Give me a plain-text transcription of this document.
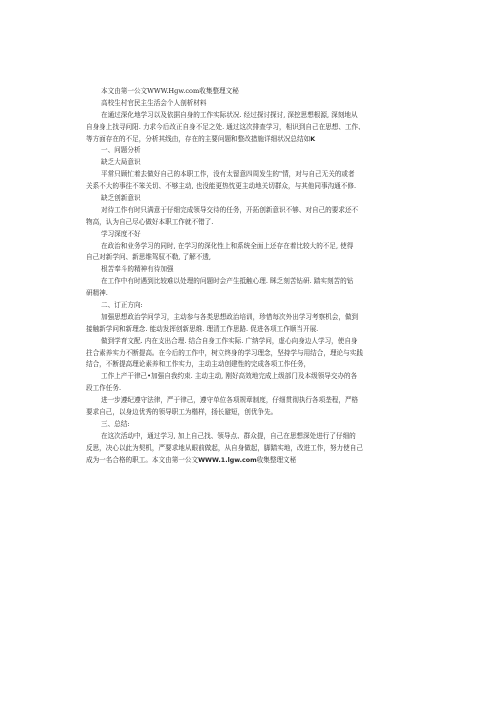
本文由第一公文WWW.Hgw.com收集整理文秘
高校生村官民主生活会个人剖析材料
在通过深化地学习以及依据自身的工作实际状况. 经过探讨探讨, 深挖思想根源, 深刻地从
自身身上找寻问阳. 力求今后改正自身不足之处. 通过这次排查学习，相识到自己在思想、工作、
等方面存在的不足，分析其线由，存在的主要问题和整改措施详细状况总结如K
一、问题分析
缺乏大局意识
平常只顾忙着去做好自己的本职工作，没有太留意四周发生的"情，对与自己无关的或者
关系不大的事往不笨关切、不够主动, 也没能更热忱更主动地关切群众，与其他同事沟通不修.
缺乏创新意识
对待工作有时只满意于仔细完成领导交待的任务，开拓创新意识不够、对自己的要求还不
物高，认为自己尽心做好本职工作就不错了.
学习深度不好
在政治和业务学习的同时, 在学习的深化性上和系统全面上还存在着比较大的不足, 使得
自己对新学问、新思维驾驭不勒, 了解不透,
根苦奉斗的精神有待加强
在工作中有时遇到比较难以处理的问题时会产生抵触心理. 眯乏刻苦钻研. 踏实刻苦的钻
研精神.
二、订正方向:
加强思想政治学问学习，主动参与各类思想政治培训，珍惜每次外出学习考察机会，做到
接触新学问和新理念. 能动发挥创新思维. 理清工作思路. 促进各项工作顺当开展.
做到学育文配. 内在支出合理. 结合自身工作实际. 广纳学问，虚心向身边人学习，使自身
拄合素养实力不断提高。在今后的工作中，树立终身的学习理念，坚持学与用结合，理论与实践
结合，不断提高理论素养和工作实力，主动主动创建性的完成各项工作任务，
工作上产干律己•加强自我约束. 主动主动, 刚好高效地完成上级部门及本级领导交办的各
段工作任务.
进一步遵纪遵守法律，严于律己，遵守单位各项规章制度，仔细贯彻执行各项垄程，严格
要求自己，以身边优秀的领导职工为楷样，扬长避短，创优争先。
三、总结:
在这次活动中，通过学习, 加上自己找、领导点、群众提，自己在思想深处进行了仔细的
反思，决心以此为契机，严要求地从眼前做起，从自身做起，脚踏实地，改进工作，努力使自己
成为一名合格的职工。本文由第一公文WWW.1.lgw.com收集整理文秘
